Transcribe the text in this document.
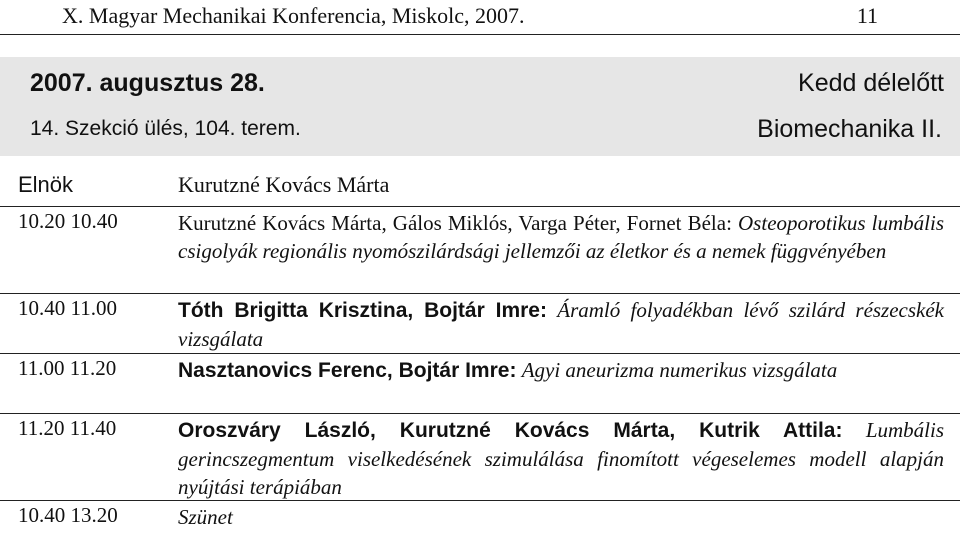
X. Magyar Mechanikai Konferencia, Miskolc, 2007.	11
2007. augusztus 28.	Kedd délelőtt
14. Szekció ülés, 104. terem.	Biomechanika II.
Elnök	Kurutzné Kovács Márta
10.20 10.40	Kurutzné Kovács Márta, Gálos Miklós, Varga Péter, Fornet Béla: Osteoporotikus lumbális csigolyák regionális nyomószilárdsági jellemzői az életkor és a nemek függvényében
10.40 11.00	Tóth Brigitta Krisztina, Bojtár Imre: Áramló folyadékban lévő szilárd részecskék vizsgálata
11.00 11.20	Nasztanovics Ferenc, Bojtár Imre: Agyi aneurizma numerikus vizsgálata
11.20 11.40	Oroszváry László, Kurutzné Kovács Márta, Kutrik Attila: Lumbális gerincszegmentum viselkedésének szimulálása finomított végeselemes modell alapján nyújtási terápiában
10.40 13.20	Szünet
